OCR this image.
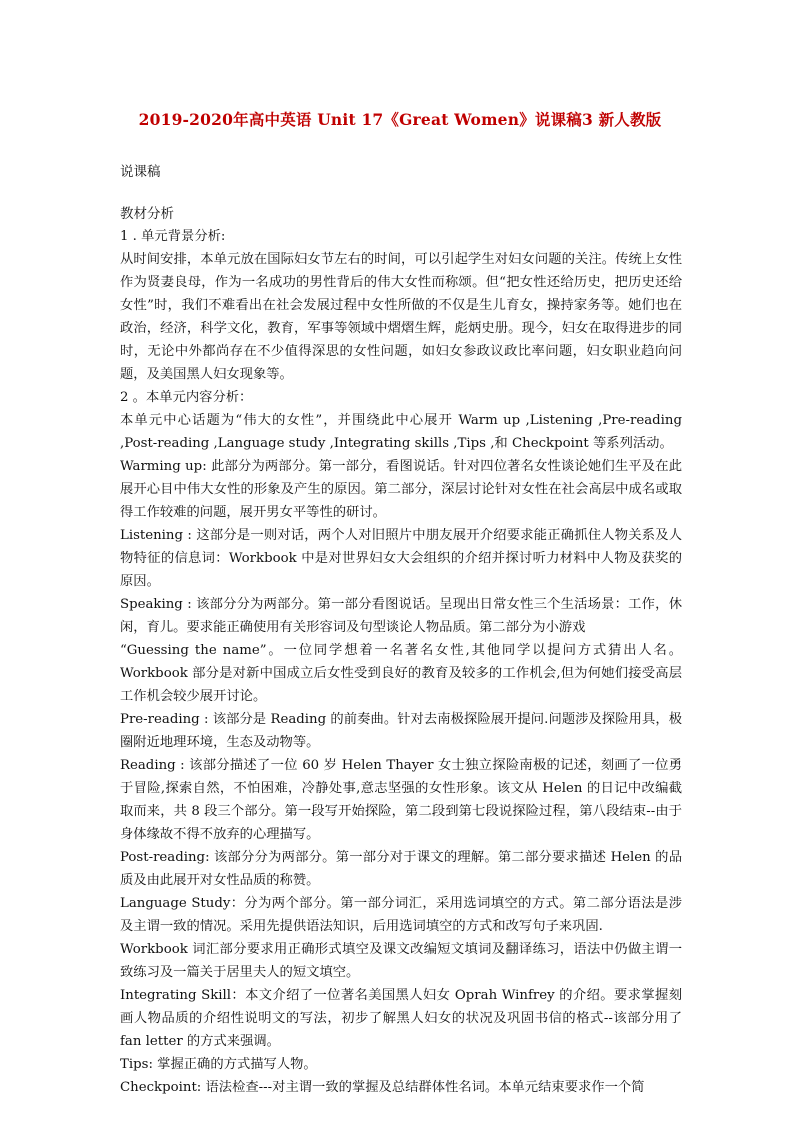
2019-2020年高中英语 Unit 17《Great Women》说课稿3 新人教版
说课稿
教材分析

1 . 单元背景分析:

从时间安排，本单元放在国际妇女节左右的时间，可以引起学生对妇女问题的关注。传统上女性作为贤妻良母，作为一名成功的男性背后的伟大女性而称颂。但“把女性还给历史，把历史还给女性”时，我们不难看出在社会发展过程中女性所做的不仅是生儿育女，操持家务等。她们也在政治，经济，科学文化，教育，军事等领域中熠熠生辉，彪炳史册。现今，妇女在取得进步的同时，无论中外都尚存在不少值得深思的女性问题，如妇女参政议政比率问题，妇女职业趋向问题，及美国黑人妇女现象等。

2 。本单元内容分析：

本单元中心话题为“伟大的女性”，并围绕此中心展开 Warm up ,Listening ,Pre-reading ,Post-reading ,Language study ,Integrating skills ,Tips ,和 Checkpoint 等系列活动。

Warming up: 此部分为两部分。第一部分，看图说话。针对四位著名女性谈论她们生平及在此展开心目中伟大女性的形象及产生的原因。第二部分，深层讨论针对女性在社会高层中成名或取得工作较难的问题，展开男女平等性的研讨。

Listening : 这部分是一则对话，两个人对旧照片中朋友展开介绍要求能正确抓住人物关系及人物特征的信息词：Workbook 中是对世界妇女大会组织的介绍并探讨听力材料中人物及获奖的原因。

Speaking : 该部分分为两部分。第一部分看图说话。呈现出日常女性三个生活场景：工作，休闲，育儿。要求能正确使用有关形容词及句型谈论人物品质。第二部分为小游戏

“Guessing the name”。一位同学想着一名著名女性,其他同学以提问方式猜出人名。Workbook 部分是对新中国成立后女性受到良好的教育及较多的工作机会,但为何她们接受高层工作机会较少展开讨论。

Pre-reading : 该部分是 Reading 的前奏曲。针对去南极探险展开提问.问题涉及探险用具，极圈附近地理环境，生态及动物等。

Reading : 该部分描述了一位 60 岁 Helen Thayer 女士独立探险南极的记述，刻画了一位勇于冒险,探索自然，不怕困难，冷静处事,意志坚强的女性形象。该文从 Helen 的日记中改编截取而来，共 8 段三个部分。第一段写开始探险，第二段到第七段说探险过程，第八段结束--由于身体缘故不得不放弃的心理描写。

Post-reading: 该部分分为两部分。第一部分对于课文的理解。第二部分要求描述 Helen 的品质及由此展开对女性品质的称赞。

Language Study：分为两个部分。第一部分词汇，采用选词填空的方式。第二部分语法是涉及主谓一致的情况。采用先提供语法知识，后用选词填空的方式和改写句子来巩固.

Workbook 词汇部分要求用正确形式填空及课文改编短文填词及翻译练习，语法中仍做主谓一致练习及一篇关于居里夫人的短文填空。

Integrating Skill：本文介绍了一位著名美国黑人妇女 Oprah Winfrey 的介绍。要求掌握刻画人物品质的介绍性说明文的写法，初步了解黑人妇女的状况及巩固书信的格式--该部分用了 fan letter 的方式来强调。

Tips: 掌握正确的方式描写人物。

Checkpoint: 语法检查---对主谓一致的掌握及总结群体性名词。本单元结束要求作一个简
